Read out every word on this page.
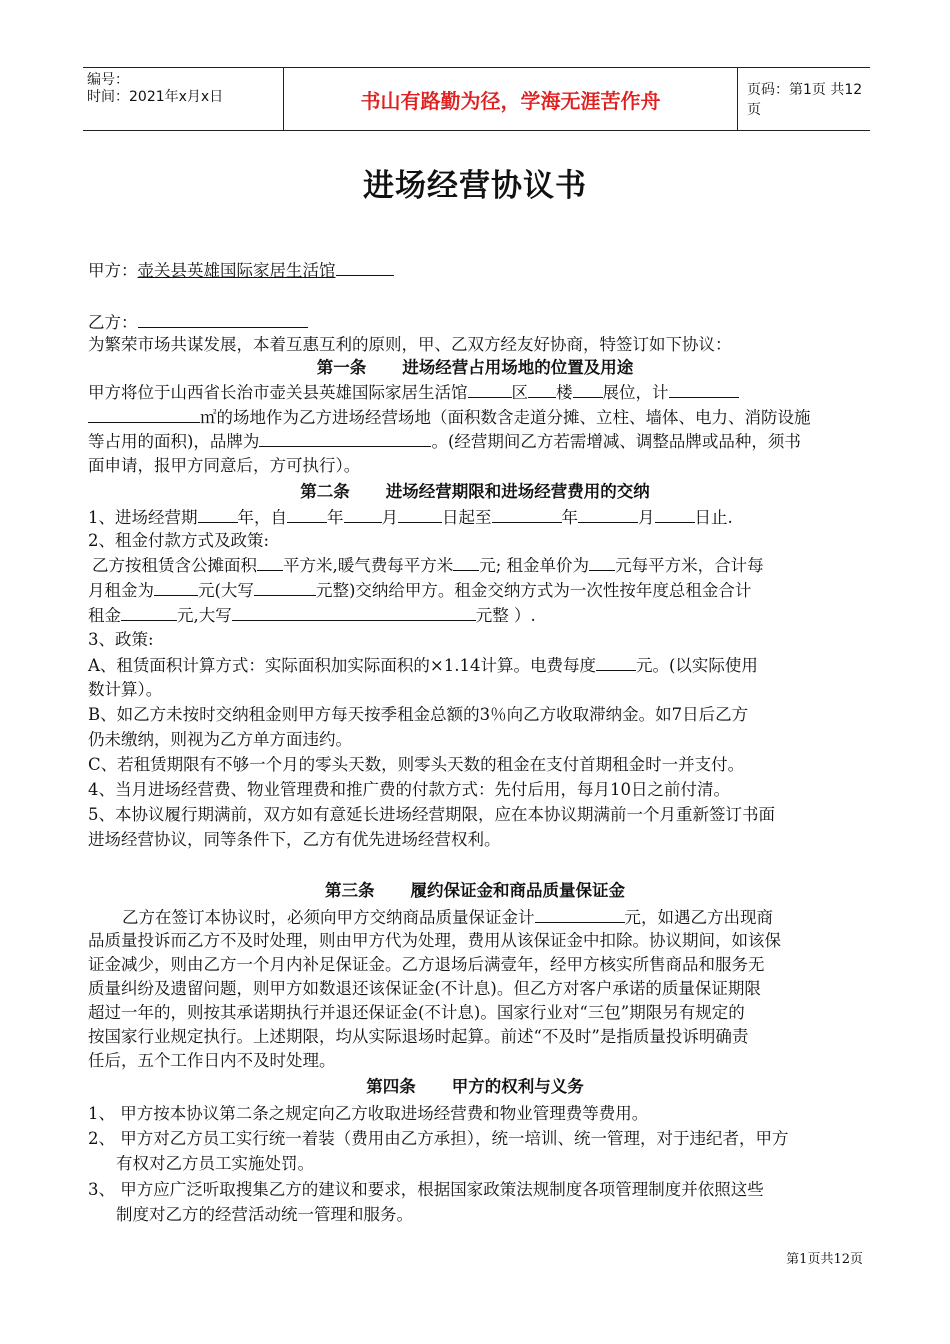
编号：
时间：2021年x月x日	书山有路勤为径，学海无涯苦作舟	页码：第1页 共12页
进场经营协议书
甲方：壶关县英雄国际家居生活馆
乙方：
为繁荣市场共谋发展，本着互惠互利的原则，甲、乙双方经友好协商，特签订如下协议：
第一条 进场经营占用场地的位置及用途
甲方将位于山西省长治市壶关县英雄国际家居生活馆	区 楼 展位，计
㎡的场地作为乙方进场经营场地（面积数含走道分摊、立柱、墙体、电力、消防设施
等占用的面积)，品牌为	。(经营期间乙方若需增减、调整品牌或品种，须书
面申请，报甲方同意后，方可执行）。
第二条 进场经营期限和进场经营费用的交纳
1、进场经营期 年，自 年 月	日起至	年	月 日止.
2、租金付款方式及政策:
乙方按租赁含公摊面积 平方米,暖气费每平方米 元; 租金单价为 元每平方米，合计每
月租金为	元(大写	元整)交纳给甲方。租金交纳方式为一次性按年度总租金合计
租金	元,大写	元整 ）.
3、政策:
A、租赁面积计算方式：实际面积加实际面积的×1.14计算。电费每度 元。(以实际使用
数计算）。
B、如乙方未按时交纳租金则甲方每天按季租金总额的3％向乙方收取滞纳金。如7日后乙方
仍未缴纳，则视为乙方单方面违约。
C、若租赁期限有不够一个月的零头天数，则零头天数的租金在支付首期租金时一并支付。
4、当月进场经营费、物业管理费和推广费的付款方式：先付后用，每月10日之前付清。
5、本协议履行期满前，双方如有意延长进场经营期限，应在本协议期满前一个月重新签订书面
进场经营协议，同等条件下，乙方有优先进场经营权利。
第三条 履约保证金和商品质量保证金
乙方在签订本协议时，必须向甲方交纳商品质量保证金计	元，如遇乙方出现商
品质量投诉而乙方不及时处理，则由甲方代为处理，费用从该保证金中扣除。协议期间，如该保
证金减少，则由乙方一个月内补足保证金。乙方退场后满壹年，经甲方核实所售商品和服务无
质量纠纷及遗留问题，则甲方如数退还该保证金(不计息)。但乙方对客户承诺的质量保证期限
超过一年的，则按其承诺期执行并退还保证金(不计息)。国家行业对“三包”期限另有规定的
按国家行业规定执行。上述期限，均从实际退场时起算。前述“不及时”是指质量投诉明确责
任后，五个工作日内不及时处理。
第四条 甲方的权利与义务
1、 甲方按本协议第二条之规定向乙方收取进场经营费和物业管理费等费用。
2、 甲方对乙方员工实行统一着装（费用由乙方承担），统一培训、统一管理，对于违纪者，甲方
有权对乙方员工实施处罚。
3、 甲方应广泛听取搜集乙方的建议和要求，根据国家政策法规制度各项管理制度并依照这些
制度对乙方的经营活动统一管理和服务。
第1页共12页
